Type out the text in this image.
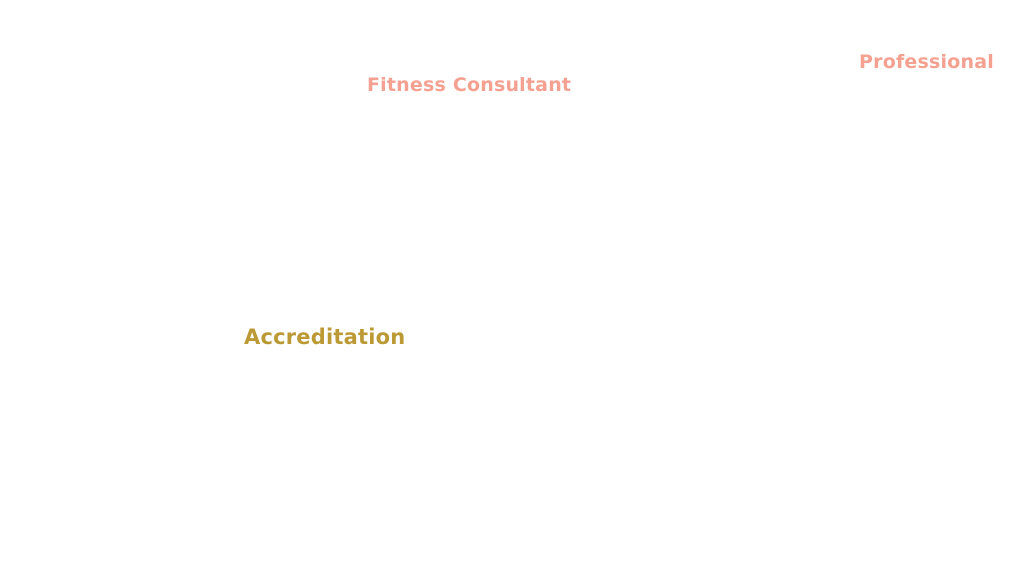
Fitness Consultant
Professional
Accreditation
